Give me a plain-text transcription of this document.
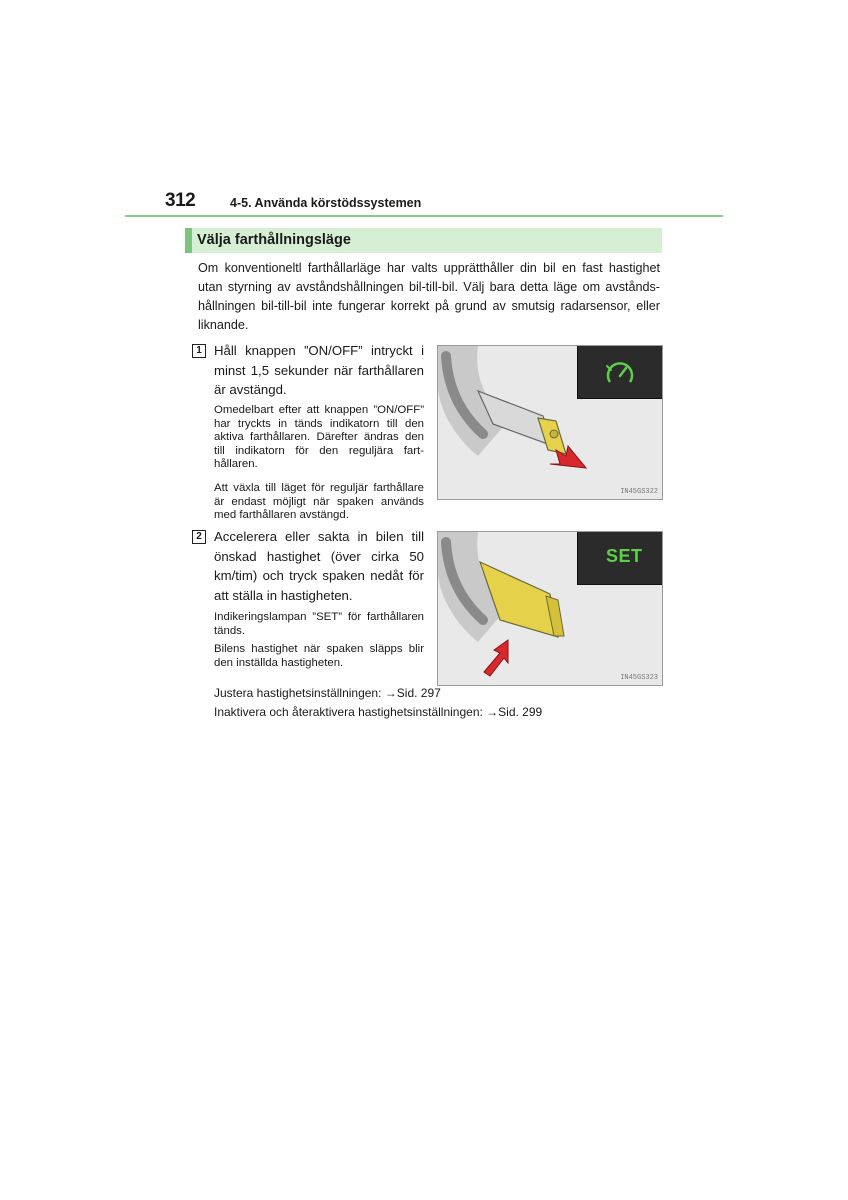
312	4-5. Använda körstödssystemen
Välja farthållningsläge
Om konventioneltl farthållarläge har valts upprätthåller din bil en fast hastighet utan styrning av avståndshållningen bil-till-bil. Välj bara detta läge om avstånds-hållningen bil-till-bil inte fungerar korrekt på grund av smutsig radarsensor, eller liknande.
1 Håll knappen ”ON/OFF” intryckt i minst 1,5 sekunder när farthållaren är avstängd.
Omedelbart efter att knappen ”ON/OFF” har tryckts in tänds indikatorn till den aktiva farthållaren. Därefter ändras den till indikatorn för den reguljära fart-hållaren.
Att växla till läget för reguljär farthållare är endast möjligt när spaken används med farthållaren avstängd.
IN45GS322
2 Accelerera eller sakta in bilen till önskad hastighet (över cirka 50 km/tim) och tryck spaken nedåt för att ställa in hastigheten.
Indikeringslampan ”SET” för farthållaren tänds.
Bilens hastighet när spaken släpps blir den inställda hastigheten.
SET
IN45GS323
Justera hastighetsinställningen: →Sid. 297
Inaktivera och återaktivera hastighetsinställningen: →Sid. 299
